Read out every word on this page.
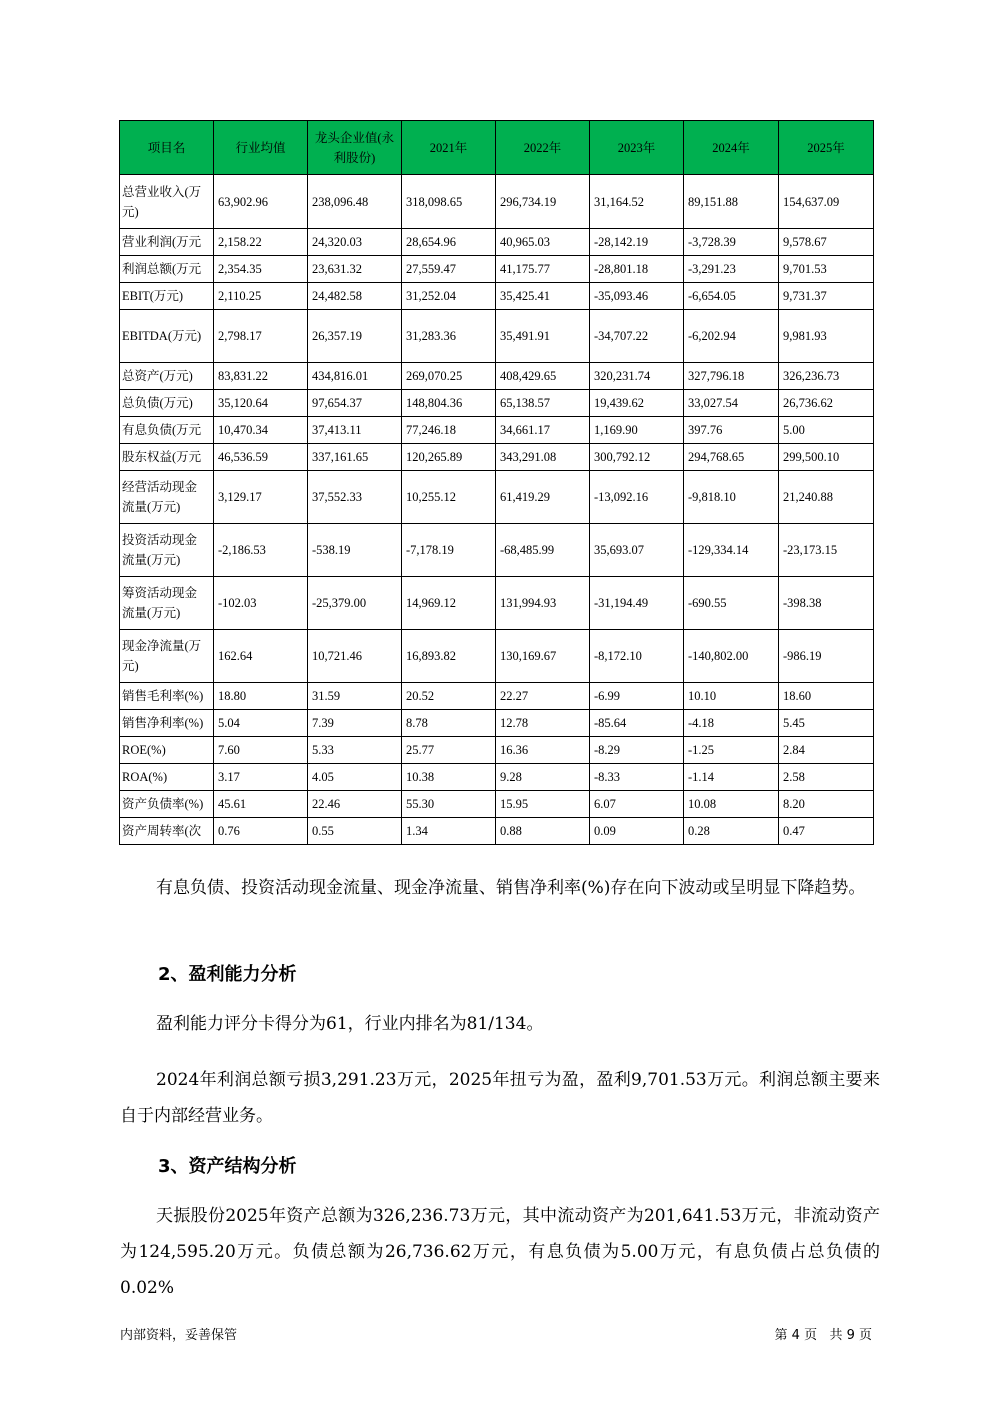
项目名	行业均值	龙头企业值(永利股份)	2021年	2022年	2023年	2024年	2025年
总营业收入(万元)	63,902.96	238,096.48	318,098.65	296,734.19	31,164.52	89,151.88	154,637.09
营业利润(万元	2,158.22	24,320.03	28,654.96	40,965.03	-28,142.19	-3,728.39	9,578.67
利润总额(万元	2,354.35	23,631.32	27,559.47	41,175.77	-28,801.18	-3,291.23	9,701.53
EBIT(万元)	2,110.25	24,482.58	31,252.04	35,425.41	-35,093.46	-6,654.05	9,731.37
EBITDA(万元)	2,798.17	26,357.19	31,283.36	35,491.91	-34,707.22	-6,202.94	9,981.93
总资产(万元)	83,831.22	434,816.01	269,070.25	408,429.65	320,231.74	327,796.18	326,236.73
总负债(万元)	35,120.64	97,654.37	148,804.36	65,138.57	19,439.62	33,027.54	26,736.62
有息负债(万元	10,470.34	37,413.11	77,246.18	34,661.17	1,169.90	397.76	5.00
股东权益(万元	46,536.59	337,161.65	120,265.89	343,291.08	300,792.12	294,768.65	299,500.10
经营活动现金流量(万元)	3,129.17	37,552.33	10,255.12	61,419.29	-13,092.16	-9,818.10	21,240.88
投资活动现金流量(万元)	-2,186.53	-538.19	-7,178.19	-68,485.99	35,693.07	-129,334.14	-23,173.15
筹资活动现金流量(万元)	-102.03	-25,379.00	14,969.12	131,994.93	-31,194.49	-690.55	-398.38
现金净流量(万元)	162.64	10,721.46	16,893.82	130,169.67	-8,172.10	-140,802.00	-986.19
销售毛利率(%)	18.80	31.59	20.52	22.27	-6.99	10.10	18.60
销售净利率(%)	5.04	7.39	8.78	12.78	-85.64	-4.18	5.45
ROE(%)	7.60	5.33	25.77	16.36	-8.29	-1.25	2.84
ROA(%)	3.17	4.05	10.38	9.28	-8.33	-1.14	2.58
资产负债率(%)	45.61	22.46	55.30	15.95	6.07	10.08	8.20
资产周转率(次	0.76	0.55	1.34	0.88	0.09	0.28	0.47

有息负债、投资活动现金流量、现金净流量、销售净利率(%)存在向下波动或呈明显下降趋势。

2、盈利能力分析

盈利能力评分卡得分为61，行业内排名为81/134。

2024年利润总额亏损3,291.23万元，2025年扭亏为盈，盈利9,701.53万元。利润总额主要来自于内部经营业务。

3、资产结构分析

天振股份2025年资产总额为326,236.73万元，其中流动资产为201,641.53万元，非流动资产为124,595.20万元。负债总额为26,736.62万元，有息负债为5.00万元，有息负债占总负债的0.02%

内部资料，妥善保管	第 4 页   共 9 页
